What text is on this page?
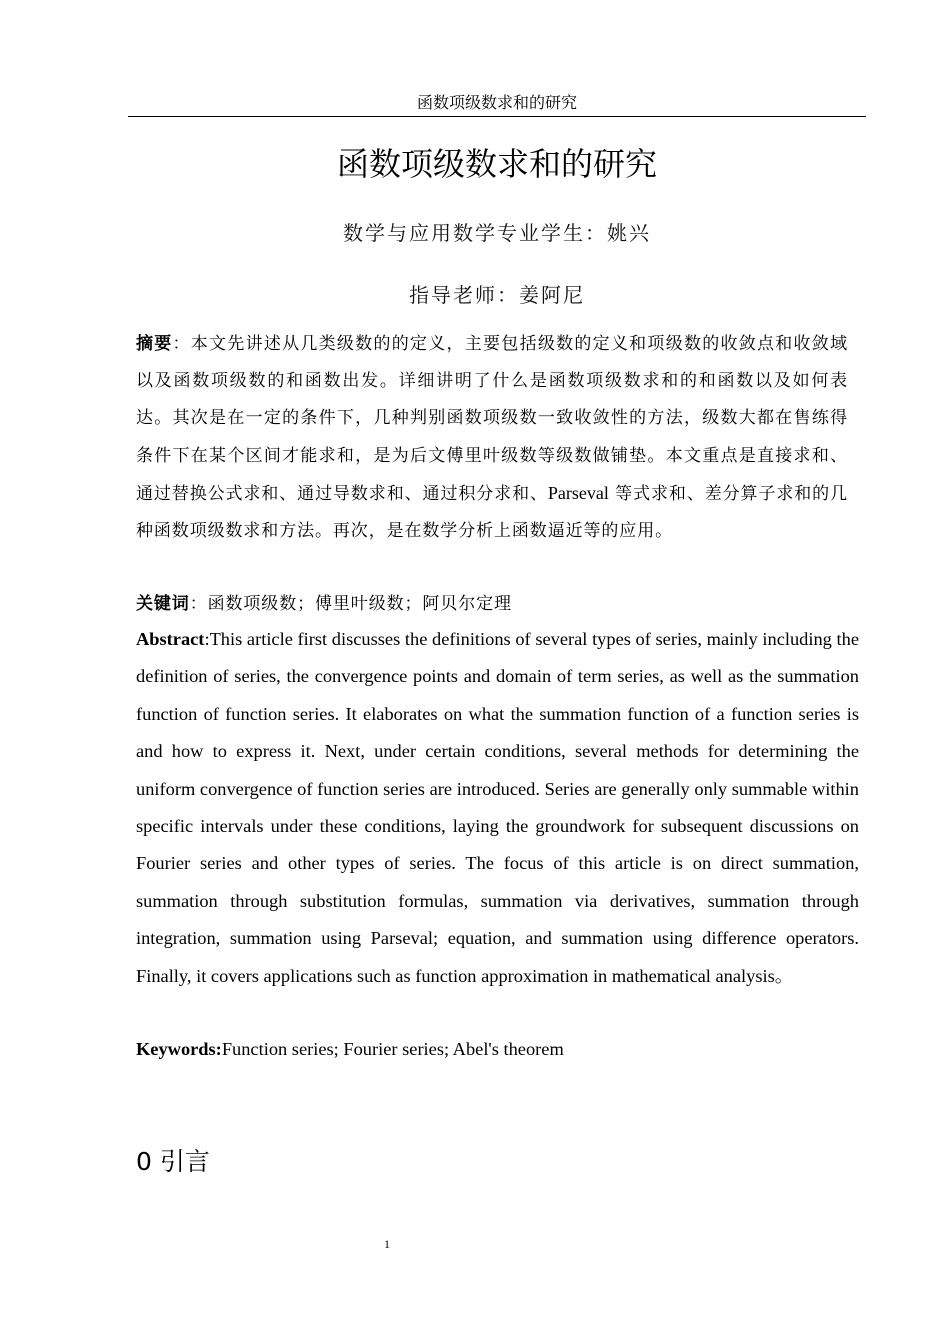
函数项级数求和的研究
函数项级数求和的研究
数学与应用数学专业学生：姚兴
指导老师：姜阿尼

摘要：本文先讲述从几类级数的的定义，主要包括级数的定义和项级数的收敛点和收敛域以及函数项级数的和函数出发。详细讲明了什么是函数项级数求和的和函数以及如何表达。其次是在一定的条件下，几种判别函数项级数一致收敛性的方法，级数大都在售练得条件下在某个区间才能求和，是为后文傅里叶级数等级数做铺垫。本文重点是直接求和、通过替换公式求和、通过导数求和、通过积分求和、Parseval 等式求和、差分算子求和的几种函数项级数求和方法。再次，是在数学分析上函数逼近等的应用。

关键词：函数项级数；傅里叶级数；阿贝尔定理

Abstract:This article first discusses the definitions of several types of series, mainly including the definition of series, the convergence points and domain of term series, as well as the summation function of function series. It elaborates on what the summation function of a function series is and how to express it. Next, under certain conditions, several methods for determining the uniform convergence of function series are introduced. Series are generally only summable within specific intervals under these conditions, laying the groundwork for subsequent discussions on Fourier series and other types of series. The focus of this article is on direct summation, summation through substitution formulas, summation via derivatives, summation through integration, summation using Parseval; equation, and summation using difference operators. Finally, it covers applications such as function approximation in mathematical analysis。

Keywords:Function series; Fourier series; Abel's theorem

0 引言
1
